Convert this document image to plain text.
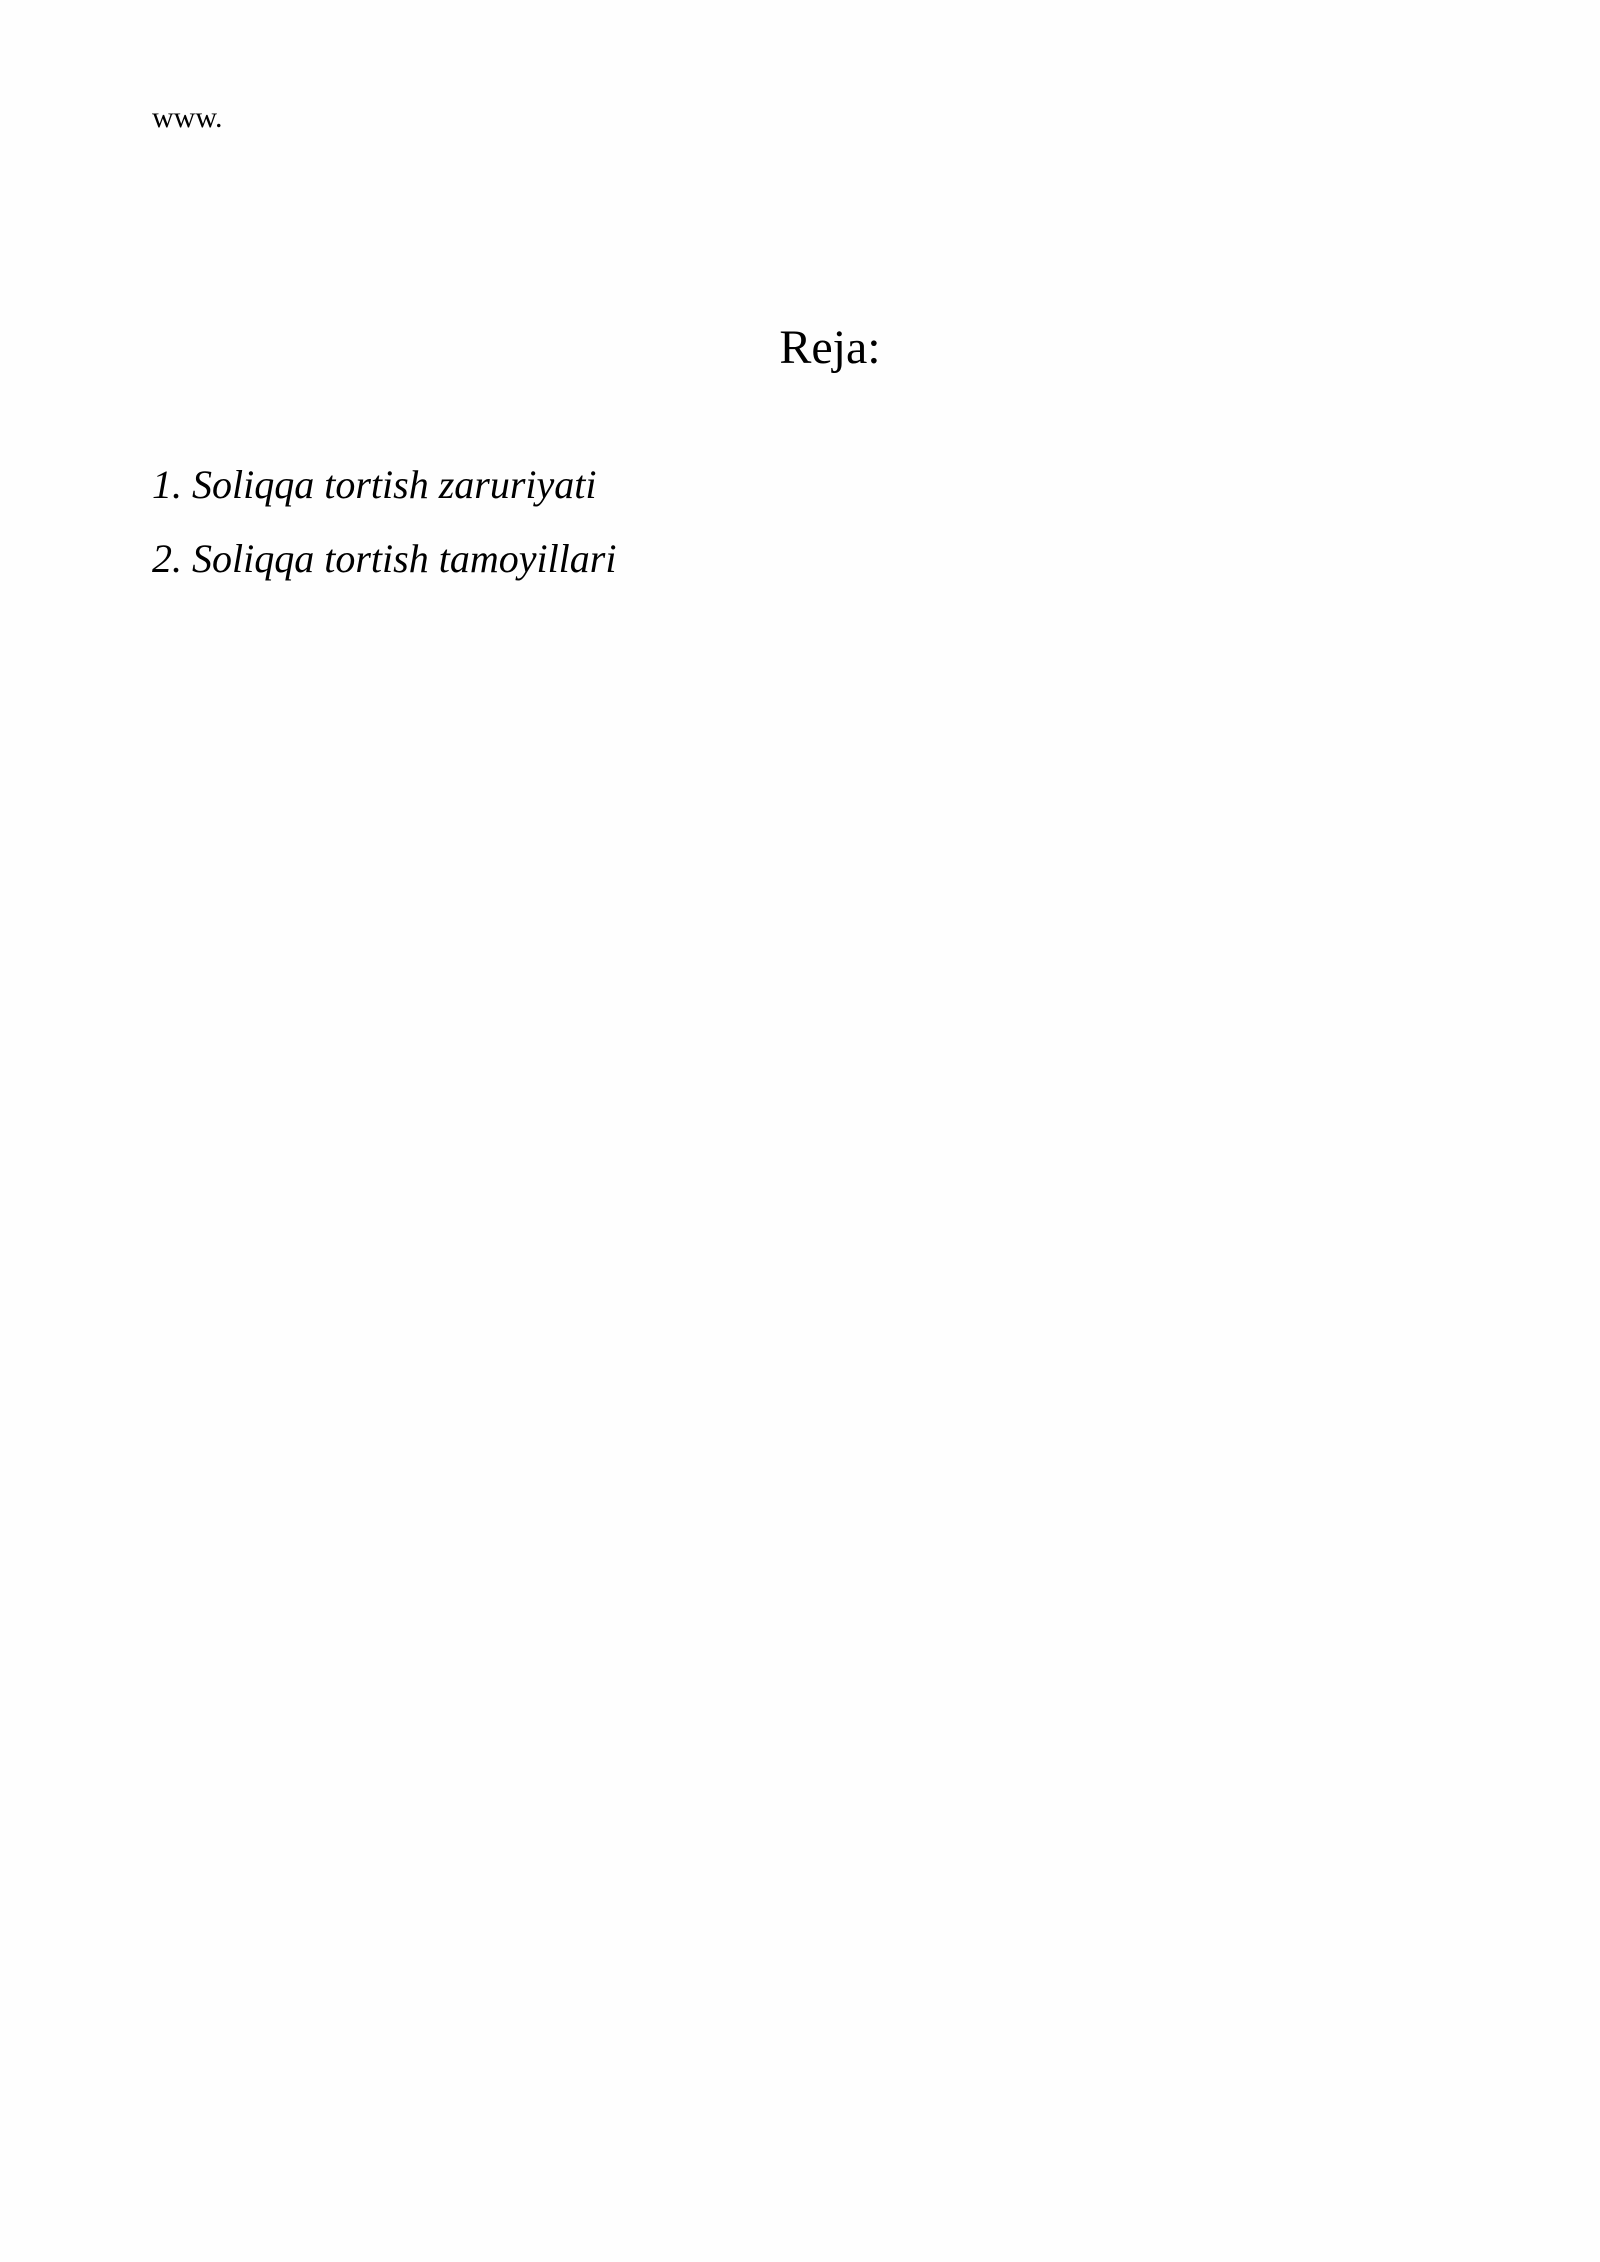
www.
Reja:
1. Soliqqa tortish zaruriyati
2. Soliqqa tortish tamoyillari
